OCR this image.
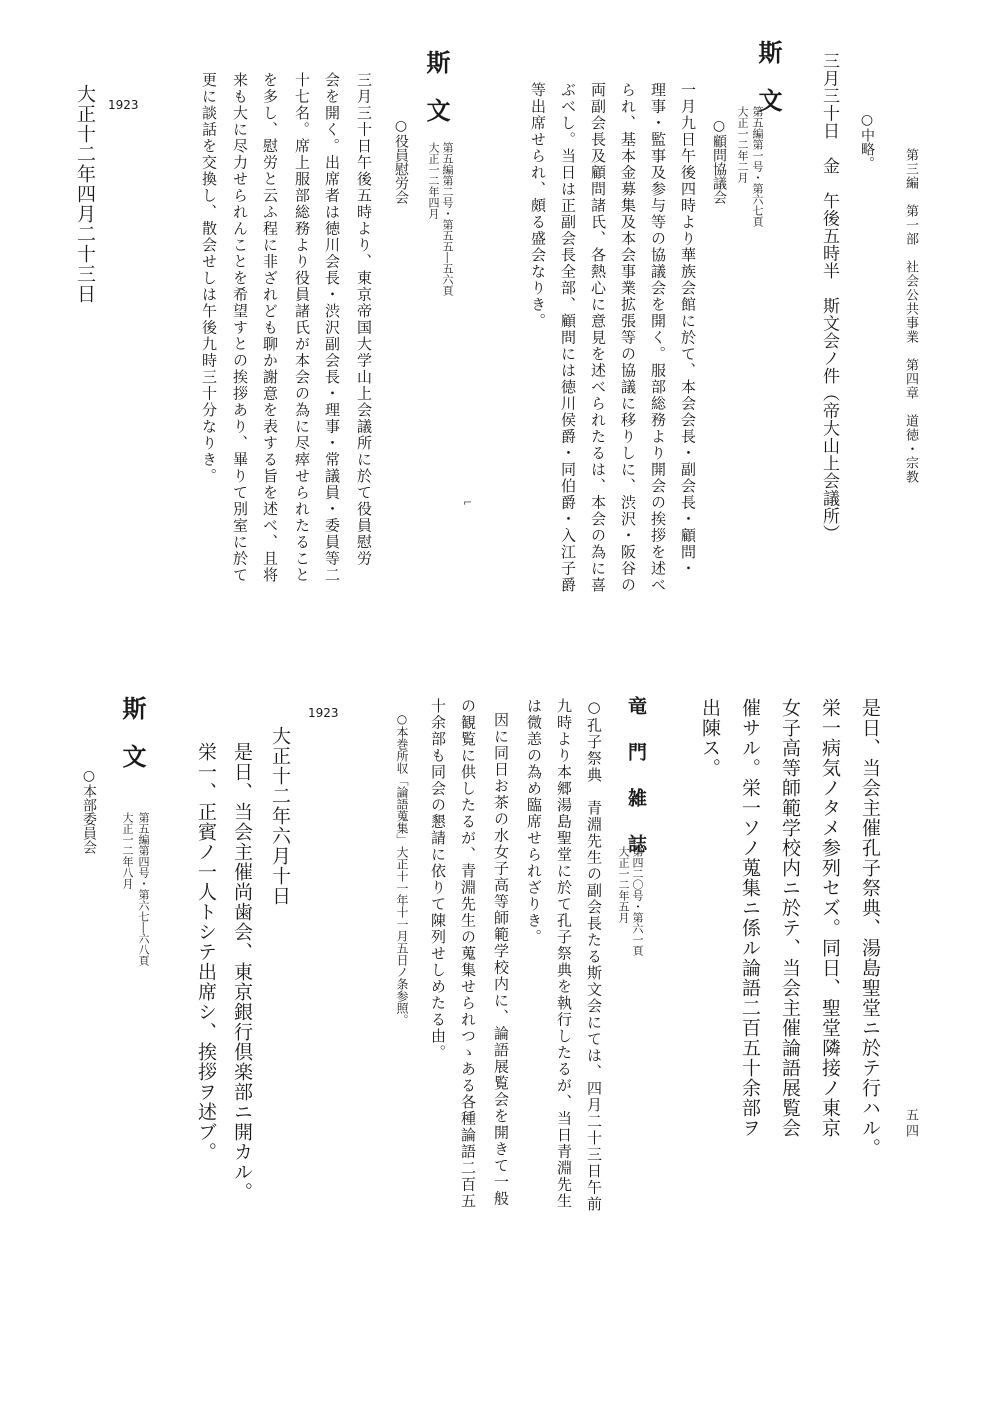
第三編　第一部　社会公共事業　第四章　道徳・宗教
五四
○中略。
三月三十日　金　午後五時半　斯文会ノ件（帝大山上会議所）
斯　文
第五編第一号・第六七頁
大正一二年二月
○顧問協議会
一月九日午後四時より華族会館に於て、本会会長・副会長・顧問・
理事・監事及参与等の協議会を開く。服部総務より開会の挨拶を述べ
られ、基本金募集及本会事業拡張等の協議に移りしに、渋沢・阪谷の
両副会長及顧問諸氏、各熱心に意見を述べられたるは、本会の為に喜
ぶべし。当日は正副会長全部、顧問には徳川侯爵・同伯爵・入江子爵
等出席せられ、頗る盛会なりき。
⌐
斯　文
第五編第二号・第五五―五六頁
大正一二年四月
○役員慰労会
三月三十日午後五時より、東京帝国大学山上会議所に於て役員慰労
会を開く。出席者は徳川会長・渋沢副会長・理事・常議員・委員等二
十七名。席上服部総務より役員諸氏が本会の為に尽瘁せられたること
を多し、慰労と云ふ程に非ざれども聊か謝意を表する旨を述べ、且将
来も大に尽力せられんことを希望すとの挨拶あり、畢りて別室に於て
更に談話を交換し、散会せしは午後九時三十分なりき。
1923
大正十二年四月二十三日
是日、当会主催孔子祭典、湯島聖堂ニ於テ行ハル。
栄一病気ノタメ参列セズ。同日、聖堂隣接ノ東京
女子高等師範学校内ニ於テ、当会主催論語展覧会
催サル。栄一ソノ蒐集ニ係ル論語二百五十余部ヲ
出陳ス。
竜　門　雑　誌
第四二〇号・第六一頁
大正一二年五月
○孔子祭典　青淵先生の副会長たる斯文会にては、四月二十三日午前
九時より本郷湯島聖堂に於て孔子祭典を執行したるが、当日青淵先生
は微恙の為め臨席せられざりき。
因に同日お茶の水女子高等師範学校内に、論語展覧会を開きて一般
の観覧に供したるが、青淵先生の蒐集せられつゝある各種論語二百五
十余部も同会の懇請に依りて陳列せしめたる由。
○本巻所収「論語蒐集」大正十一年十一月五日ノ条参照。
1923
大正十二年六月十日
是日、当会主催尚歯会、東京銀行倶楽部ニ開カル。
栄一、正賓ノ一人トシテ出席シ、挨拶ヲ述ブ。
斯　文
第五編第四号・第六七―六八頁
大正一二年八月
○本部委員会
